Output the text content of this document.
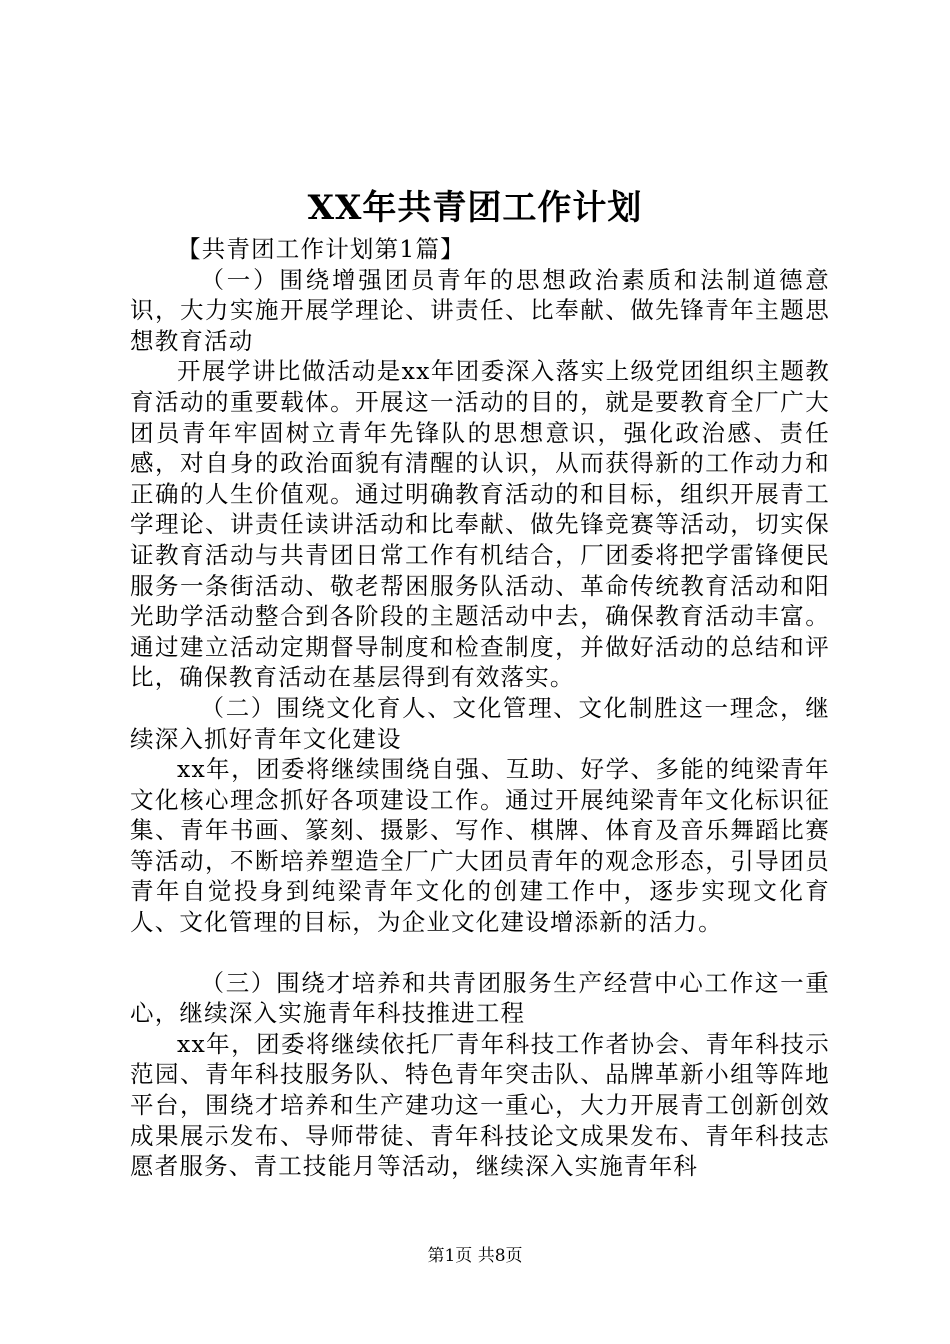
XX年共青团工作计划

【共青团工作计划第1篇】

（一）围绕增强团员青年的思想政治素质和法制道德意识，大力实施开展学理论、讲责任、比奉献、做先锋青年主题思想教育活动

开展学讲比做活动是xx年团委深入落实上级党团组织主题教育活动的重要载体。开展这一活动的目的，就是要教育全厂广大团员青年牢固树立青年先锋队的思想意识，强化政治感、责任感，对自身的政治面貌有清醒的认识，从而获得新的工作动力和正确的人生价值观。通过明确教育活动的和目标，组织开展青工学理论、讲责任读讲活动和比奉献、做先锋竞赛等活动，切实保证教育活动与共青团日常工作有机结合，厂团委将把学雷锋便民服务一条街活动、敬老帮困服务队活动、革命传统教育活动和阳光助学活动整合到各阶段的主题活动中去，确保教育活动丰富。通过建立活动定期督导制度和检查制度，并做好活动的总结和评比，确保教育活动在基层得到有效落实。

（二）围绕文化育人、文化管理、文化制胜这一理念，继续深入抓好青年文化建设

xx年，团委将继续围绕自强、互助、好学、多能的纯梁青年文化核心理念抓好各项建设工作。通过开展纯梁青年文化标识征集、青年书画、篆刻、摄影、写作、棋牌、体育及音乐舞蹈比赛等活动，不断培养塑造全厂广大团员青年的观念形态，引导团员青年自觉投身到纯梁青年文化的创建工作中，逐步实现文化育人、文化管理的目标，为企业文化建设增添新的活力。

（三）围绕才培养和共青团服务生产经营中心工作这一重心，继续深入实施青年科技推进工程

xx年，团委将继续依托厂青年科技工作者协会、青年科技示范园、青年科技服务队、特色青年突击队、品牌革新小组等阵地平台，围绕才培养和生产建功这一重心，大力开展青工创新创效成果展示发布、导师带徒、青年科技论文成果发布、青年科技志愿者服务、青工技能月等活动，继续深入实施青年科

第1页 共8页
